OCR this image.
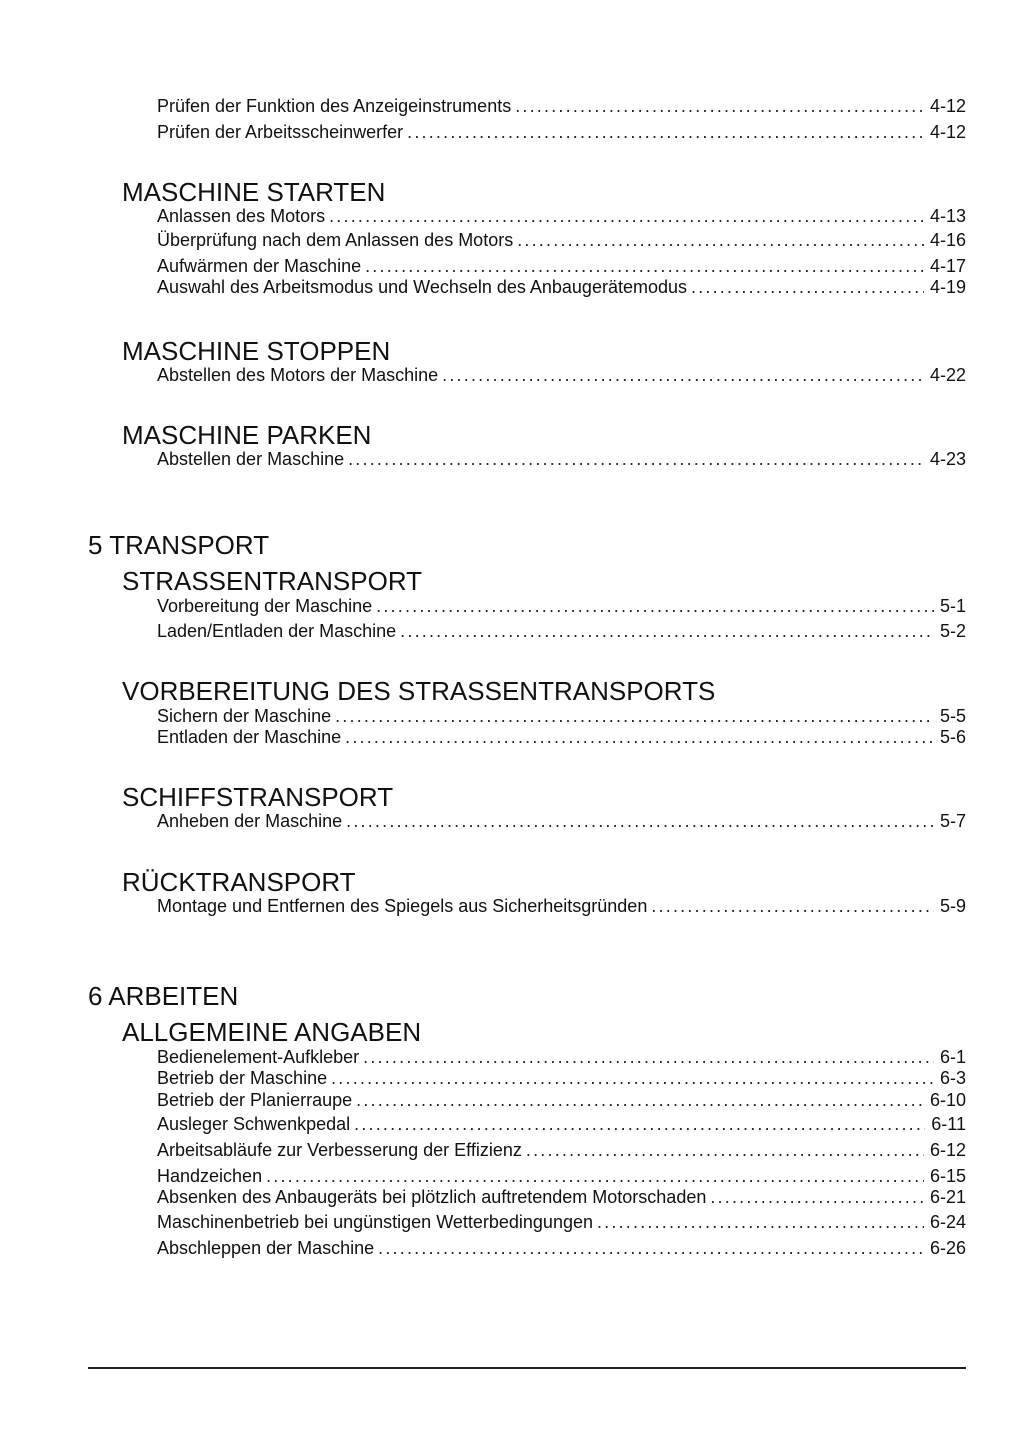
Prüfen der Funktion des Anzeigeinstruments . . .	4-12
Prüfen der Arbeitsscheinwerfer . . .	4-12
MASCHINE STARTEN
Anlassen des Motors . . .	4-13
Überprüfung nach dem Anlassen des Motors . . .	4-16
Aufwärmen der Maschine . . .	4-17
Auswahl des Arbeitsmodus und Wechseln des Anbaugerätemodus . . .	4-19
MASCHINE STOPPEN
Abstellen des Motors der Maschine . . .	4-22
MASCHINE PARKEN
Abstellen der Maschine . . .	4-23
5 TRANSPORT
STRASSENTRANSPORT
Vorbereitung der Maschine . . .	5-1
Laden/Entladen der Maschine . . .	5-2
VORBEREITUNG DES STRASSENTRANSPORTS
Sichern der Maschine . . .	5-5
Entladen der Maschine . . .	5-6
SCHIFFSTRANSPORT
Anheben der Maschine . . .	5-7
RÜCKTRANSPORT
Montage und Entfernen des Spiegels aus Sicherheitsgründen . . .	5-9
6 ARBEITEN
ALLGEMEINE ANGABEN
Bedienelement-Aufkleber . . .	6-1
Betrieb der Maschine . . .	6-3
Betrieb der Planierraupe . . .	6-10
Ausleger Schwenkpedal . . .	6-11
Arbeitsabläufe zur Verbesserung der Effizienz . . .	6-12
Handzeichen . . .	6-15
Absenken des Anbaugeräts bei plötzlich auftretendem Motorschaden . . .	6-21
Maschinenbetrieb bei ungünstigen Wetterbedingungen . . .	6-24
Abschleppen der Maschine . . .	6-26
